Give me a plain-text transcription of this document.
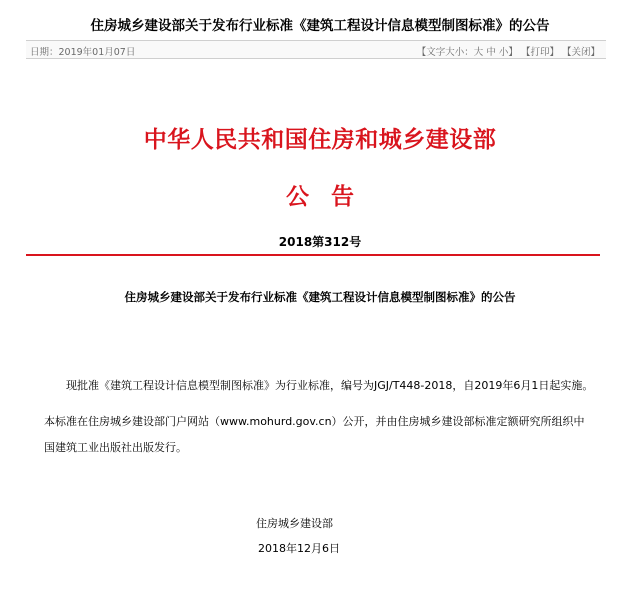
住房城乡建设部关于发布行业标准《建筑工程设计信息模型制图标准》的公告
日期：2019年01月07日	【文字大小：大 中 小】 【打印】 【关闭】
中华人民共和国住房和城乡建设部
公告
2018第312号
住房城乡建设部关于发布行业标准《建筑工程设计信息模型制图标准》的公告
现批准《建筑工程设计信息模型制图标准》为行业标准，编号为JGJ/T448-2018，自2019年6月1日起实施。
本标准在住房城乡建设部门户网站（www.mohurd.gov.cn）公开，并由住房城乡建设部标准定额研究所组织中
国建筑工业出版社出版发行。
住房城乡建设部
2018年12月6日
